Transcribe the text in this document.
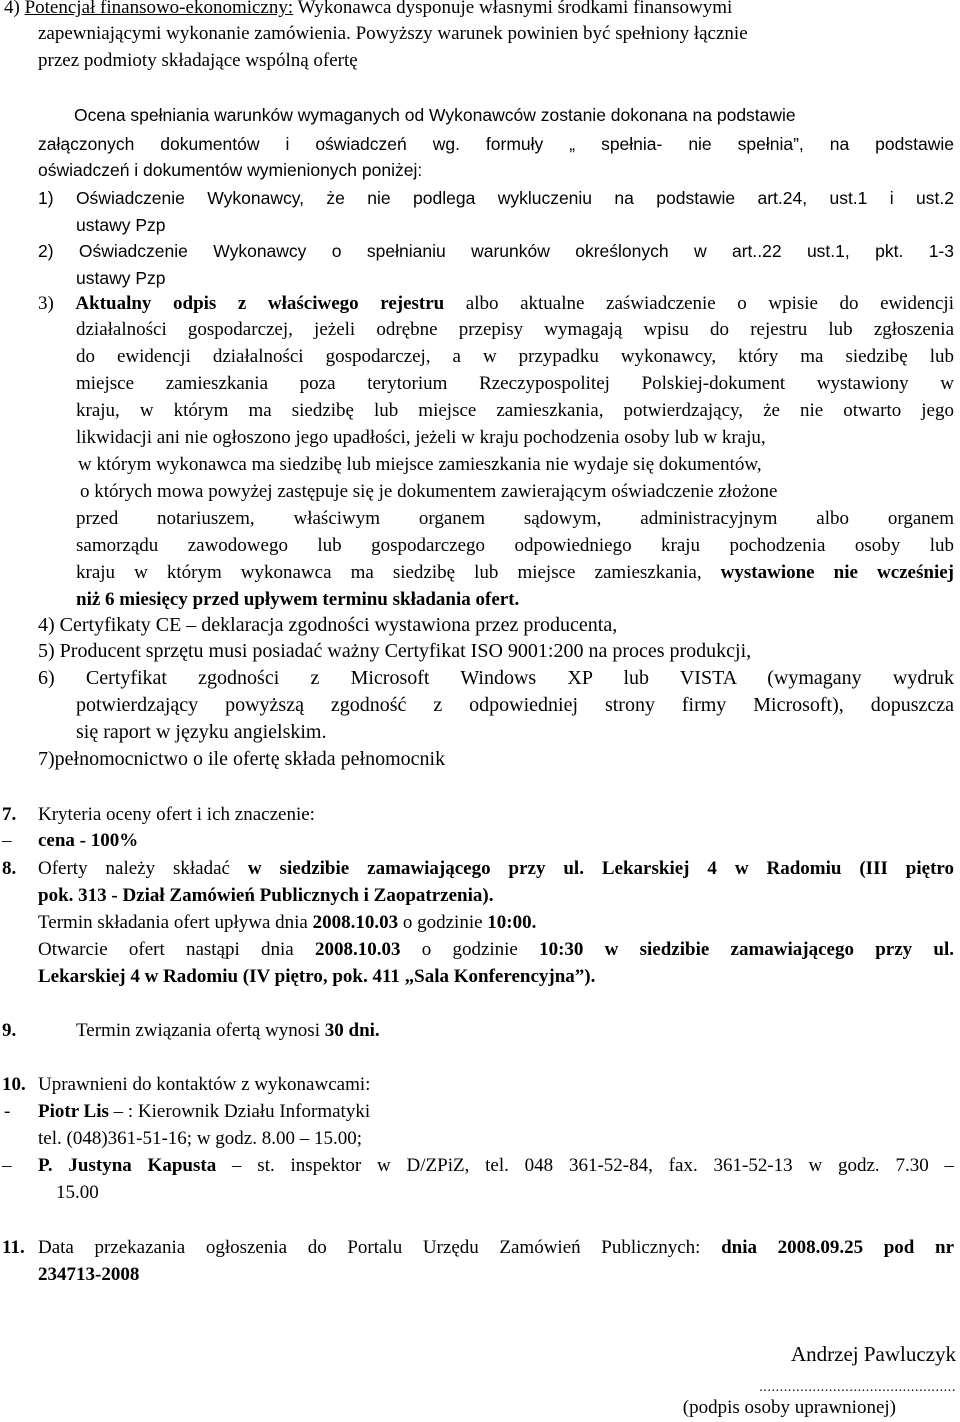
4) Potencjał finansowo-ekonomiczny: Wykonawca dysponuje własnymi środkami finansowymi
zapewniającymi wykonanie zamówienia. Powyższy warunek powinien być spełniony łącznie
przez podmioty składające wspólną ofertę
Ocena spełniania warunków wymaganych od Wykonawców zostanie dokonana na podstawie
załączonych dokumentów i oświadczeń wg. formuły „ spełnia- nie spełnia”, na podstawie
oświadczeń i dokumentów wymienionych poniżej:
1) Oświadczenie Wykonawcy, że nie podlega wykluczeniu na podstawie art.24, ust.1 i ust.2
ustawy Pzp
2) Oświadczenie Wykonawcy o spełnianiu warunków określonych w art..22 ust.1, pkt. 1-3
ustawy Pzp
3) Aktualny odpis z właściwego rejestru albo aktualne zaświadczenie o wpisie do ewidencji
działalności gospodarczej, jeżeli odrębne przepisy wymagają wpisu do rejestru lub zgłoszenia
do ewidencji działalności gospodarczej, a w przypadku wykonawcy, który ma siedzibę lub
miejsce zamieszkania poza terytorium Rzeczypospolitej Polskiej-dokument wystawiony w
kraju, w którym ma siedzibę lub miejsce zamieszkania, potwierdzający, że nie otwarto jego
likwidacji ani nie ogłoszono jego upadłości, jeżeli w kraju pochodzenia osoby lub w kraju,
w którym wykonawca ma siedzibę lub miejsce zamieszkania nie wydaje się dokumentów,
o których mowa powyżej zastępuje się je dokumentem zawierającym oświadczenie złożone
przed notariuszem, właściwym organem sądowym, administracyjnym albo organem
samorządu zawodowego lub gospodarczego odpowiedniego kraju pochodzenia osoby lub
kraju w którym wykonawca ma siedzibę lub miejsce zamieszkania, wystawione nie wcześniej
niż 6 miesięcy przed upływem terminu składania ofert.
4) Certyfikaty CE – deklaracja zgodności wystawiona przez producenta,
5) Producent sprzętu musi posiadać ważny Certyfikat ISO 9001:200 na proces produkcji,
6) Certyfikat zgodności z Microsoft Windows XP lub VISTA (wymagany wydruk
potwierdzający powyższą zgodność z odpowiedniej strony firmy Microsoft), dopuszcza
się raport w języku angielskim.
7)pełnomocnictwo o ile ofertę składa pełnomocnik
7. Kryteria oceny ofert i ich znaczenie:
– cena - 100%
8. Oferty należy składać w siedzibie zamawiającego przy ul. Lekarskiej 4 w Radomiu (III piętro
pok. 313 - Dział Zamówień Publicznych i Zaopatrzenia).
Termin składania ofert upływa dnia 2008.10.03 o godzinie 10:00.
Otwarcie ofert nastąpi dnia 2008.10.03 o godzinie 10:30 w siedzibie zamawiającego przy ul.
Lekarskiej 4 w Radomiu (IV piętro, pok. 411 „Sala Konferencyjna”).
9.	Termin związania ofertą wynosi 30 dni.
10. Uprawnieni do kontaktów z wykonawcami:
- Piotr Lis – : Kierownik Działu Informatyki
tel. (048)361-51-16; w godz. 8.00 – 15.00;
– P. Justyna Kapusta – st. inspektor w D/ZPiZ, tel. 048 361-52-84, fax. 361-52-13 w godz. 7.30 –
15.00
11. Data przekazania ogłoszenia do Portalu Urzędu Zamówień Publicznych: dnia 2008.09.25 pod nr
234713-2008
Andrzej Pawluczyk
................................................
(podpis osoby uprawnionej)
